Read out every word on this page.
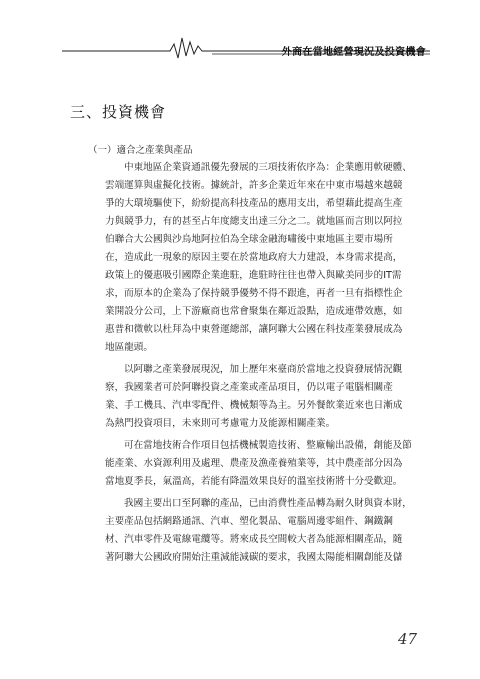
外商在當地經營現況及投資機會
三、投資機會
（一）適合之產業與產品
中東地區企業資通訊優先發展的三項技術依序為：企業應用軟硬體、
雲端運算與虛擬化技術。據統計，許多企業近年來在中東市場越來越競
爭的大環境驅使下，紛紛提高科技產品的應用支出，希望藉此提高生產
力與競爭力，有的甚至占年度總支出達三分之二。就地區而言則以阿拉
伯聯合大公國與沙烏地阿拉伯為全球金融海嘯後中東地區主要市場所
在，造成此一現象的原因主要在於當地政府大力建設，本身需求提高，
政策上的優惠吸引國際企業進駐，進駐時往往也帶入與歐美同步的IT需
求，而原本的企業為了保持競爭優勢不得不跟進，再者一旦有指標性企
業開設分公司，上下游廠商也常會聚集在鄰近設點，造成連帶效應，如
惠普和微軟以杜拜為中東營運總部，讓阿聯大公國在科技產業發展成為
地區龍頭。
以阿聯之產業發展現況，加上歷年來臺商於當地之投資發展情況觀
察，我國業者可於阿聯投資之產業或產品項目，仍以電子電腦相關產
業、手工機具、汽車零配件、機械類等為主。另外餐飲業近來也日漸成
為熱門投資項目，未來則可考慮電力及能源相關產業。
可在當地技術合作項目包括機械製造技術、整廠輸出設備，創能及節
能產業、水資源利用及處理、農產及漁產養殖業等，其中農產部分因為
當地夏季長，氣溫高，若能有降溫效果良好的溫室技術將十分受歡迎。
我國主要出口至阿聯的產品，已由消費性產品轉為耐久財與資本財，
主要產品包括網路通訊、汽車、塑化製品、電腦周邊零組件、鋼鐵鋼
材、汽車零件及電線電纜等。將來成長空間較大者為能源相關產品，隨
著阿聯大公國政府開始注重減能減碳的要求，我國太陽能相關創能及儲
47
